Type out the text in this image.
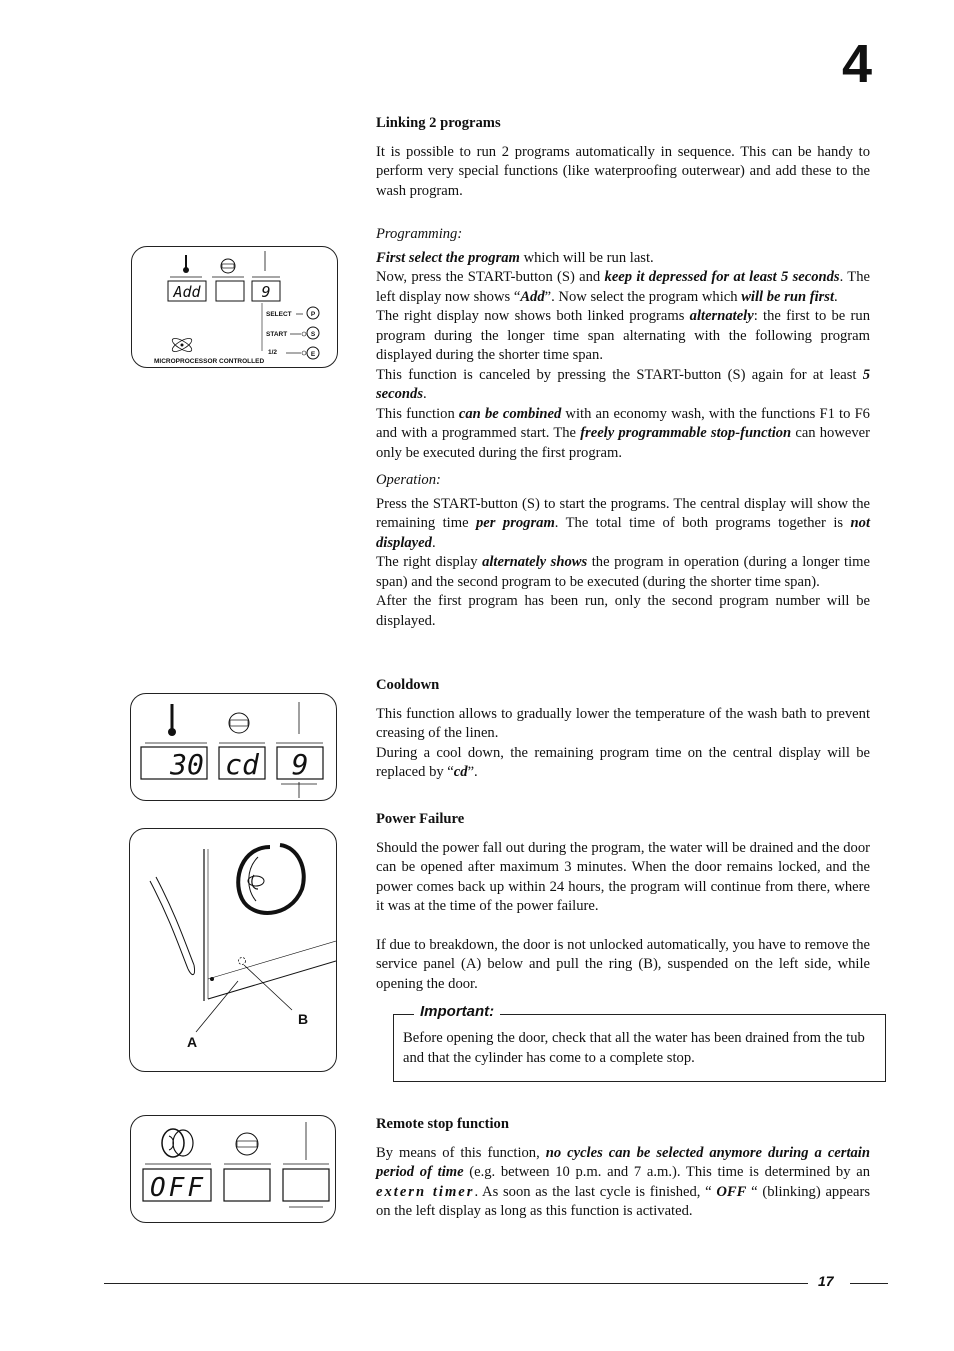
4

Linking 2 programs

It is possible to run 2 programs automatically in sequence. This can be handy to perform very special functions (like waterproofing outerwear) and add these to the wash program.

Programming:

First select the program which will be run last.

Now, press the START-button (S) and keep it depressed for at least 5 seconds. The left display now shows “Add”. Now select the program which will be run first.

The right display now shows both linked programs alternately: the first to be run program during the longer time span alternating with the following program displayed during the shorter time span.

This function is canceled by pressing the START-button (S) again for at least 5 seconds.

This function can be combined with an economy wash, with the functions F1 to F6 and with a programmed start. The freely programmable stop-function can however only be executed during the first program.

Operation:

Press the START-button (S) to start the programs. The central display will show the remaining time per program. The total time of both programs together is not displayed.

The right display alternately shows the program in operation (during a longer time span) and the second program to be executed (during the shorter time span).

After the first program has been run, only the second program number will be displayed.

Cooldown

This function allows to gradually lower the temperature of the wash bath to prevent creasing of the linen.

During a cool down, the remaining program time on the central display will be replaced by “cd”.

Power Failure

Should the power fall out during the program, the water will be drained and the door can be opened after maximum 3 minutes. When the door remains locked, and the power comes back up within 24 hours, the program will continue from there, where it was at the time of the power failure.

If due to breakdown, the door is not unlocked automatically, you have to remove the service panel (A) below and pull the ring (B), suspended on the left side, while opening the door.

Important:
Before opening the door, check that all the water has been drained from the tub and that the cylinder has come to a complete stop.

Remote stop function

By means of this function, no cycles can be selected anymore during a certain period of time (e.g. between 10 p.m. and 7 a.m.). This time is determined by an extern timer. As soon as the last cycle is finished, “ OFF “ (blinking) appears on the left display as long as this function is activated.

Add	9
SELECT	P
START	S
1/2	E
MICROPROCESSOR CONTROLLED
30 cd 9
A
B
OFF
17
